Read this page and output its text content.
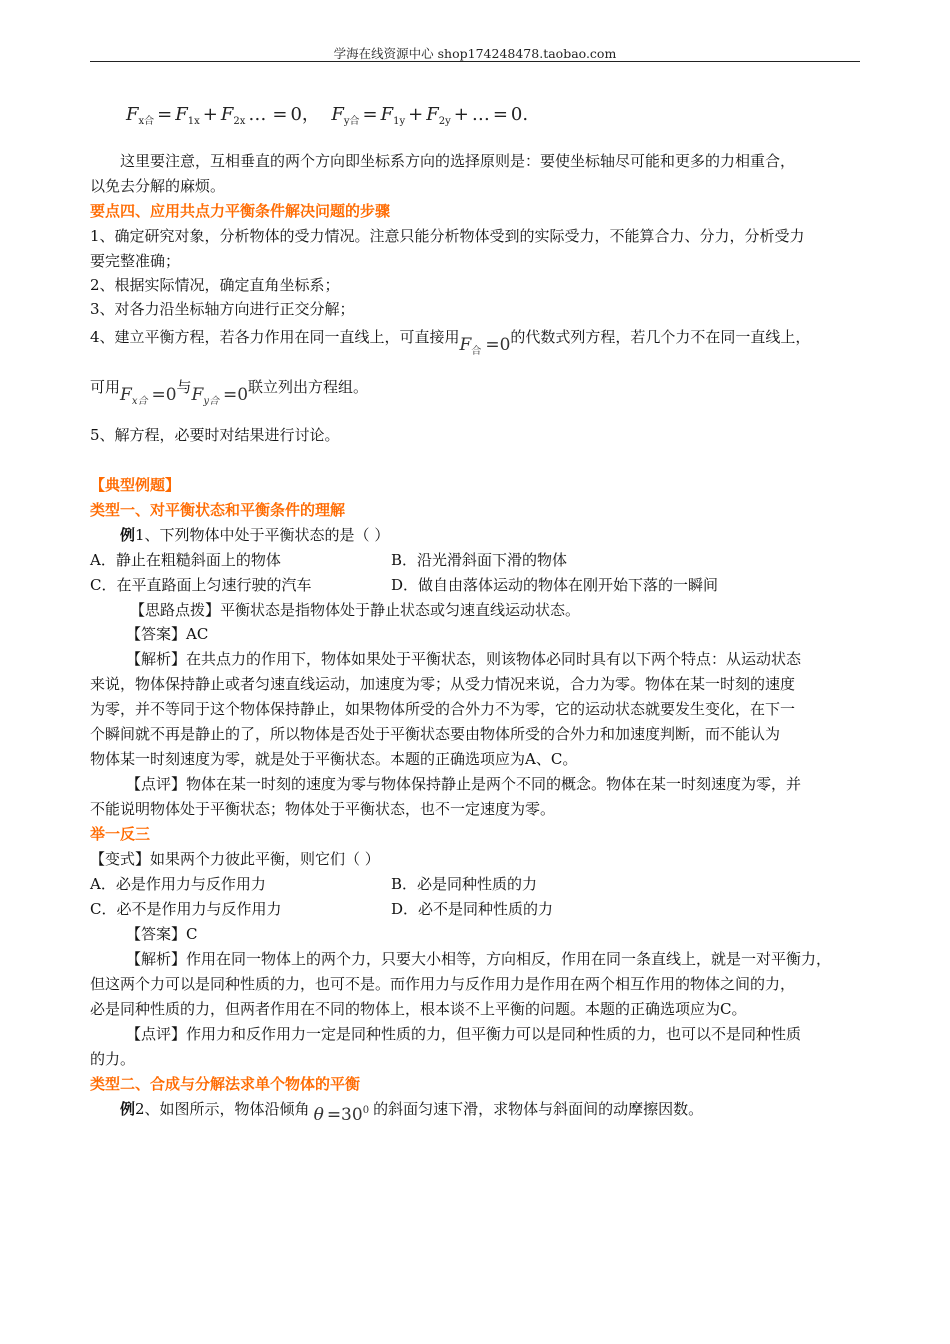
学海在线资源中心 shop174248478.taobao.com
$F_{x合} = F_{1x} + F_{2x}$ … = 0， $F_{y合} = F_{1y} + F_{2y}$ + … = 0.
这里要注意，互相垂直的两个方向即坐标系方向的选择原则是：要使坐标轴尽可能和更多的力相重合，
以免去分解的麻烦。
要点四、应用共点力平衡条件解决问题的步骤
1、确定研究对象，分析物体的受力情况。注意只能分析物体受到的实际受力，不能算合力、分力，分析受力
要完整准确；
2、根据实际情况，确定直角坐标系；
3、对各力沿坐标轴方向进行正交分解；
4、建立平衡方程，若各力作用在同一直线上，可直接用$F_合 =0$的代数式列方程，若几个力不在同一直线上，
可用$F_{x合} =0$与$F_{y合} =0$联立列出方程组。
5、解方程，必要时对结果进行讨论。
【典型例题】
类型一、对平衡状态和平衡条件的理解
例1、下列物体中处于平衡状态的是（ ）
A．静止在粗糙斜面上的物体	B．沿光滑斜面下滑的物体
C．在平直路面上匀速行驶的汽车	D．做自由落体运动的物体在刚开始下落的一瞬间
【思路点拨】平衡状态是指物体处于静止状态或匀速直线运动状态。
【答案】AC
【解析】在共点力的作用下，物体如果处于平衡状态，则该物体必同时具有以下两个特点：从运动状态
来说，物体保持静止或者匀速直线运动，加速度为零；从受力情况来说，合力为零。物体在某一时刻的速度
为零，并不等同于这个物体保持静止，如果物体所受的合外力不为零，它的运动状态就要发生变化，在下一
个瞬间就不再是静止的了，所以物体是否处于平衡状态要由物体所受的合外力和加速度判断，而不能认为
物体某一时刻速度为零，就是处于平衡状态。本题的正确选项应为A、C。
【点评】物体在某一时刻的速度为零与物体保持静止是两个不同的概念。物体在某一时刻速度为零，并
不能说明物体处于平衡状态；物体处于平衡状态，也不一定速度为零。
举一反三
【变式】如果两个力彼此平衡，则它们（ ）
A．必是作用力与反作用力	B．必是同种性质的力
C．必不是作用力与反作用力	D．必不是同种性质的力
【答案】C
【解析】作用在同一物体上的两个力，只要大小相等，方向相反，作用在同一条直线上，就是一对平衡力，
但这两个力可以是同种性质的力，也可不是。而作用力与反作用力是作用在两个相互作用的物体之间的力，
必是同种性质的力，但两者作用在不同的物体上，根本谈不上平衡的问题。本题的正确选项应为C。
【点评】作用力和反作用力一定是同种性质的力，但平衡力可以是同种性质的力，也可以不是同种性质
的力。
类型二、合成与分解法求单个物体的平衡
例2、如图所示，物体沿倾角 $\theta =30^0$ 的斜面匀速下滑，求物体与斜面间的动摩擦因数。
